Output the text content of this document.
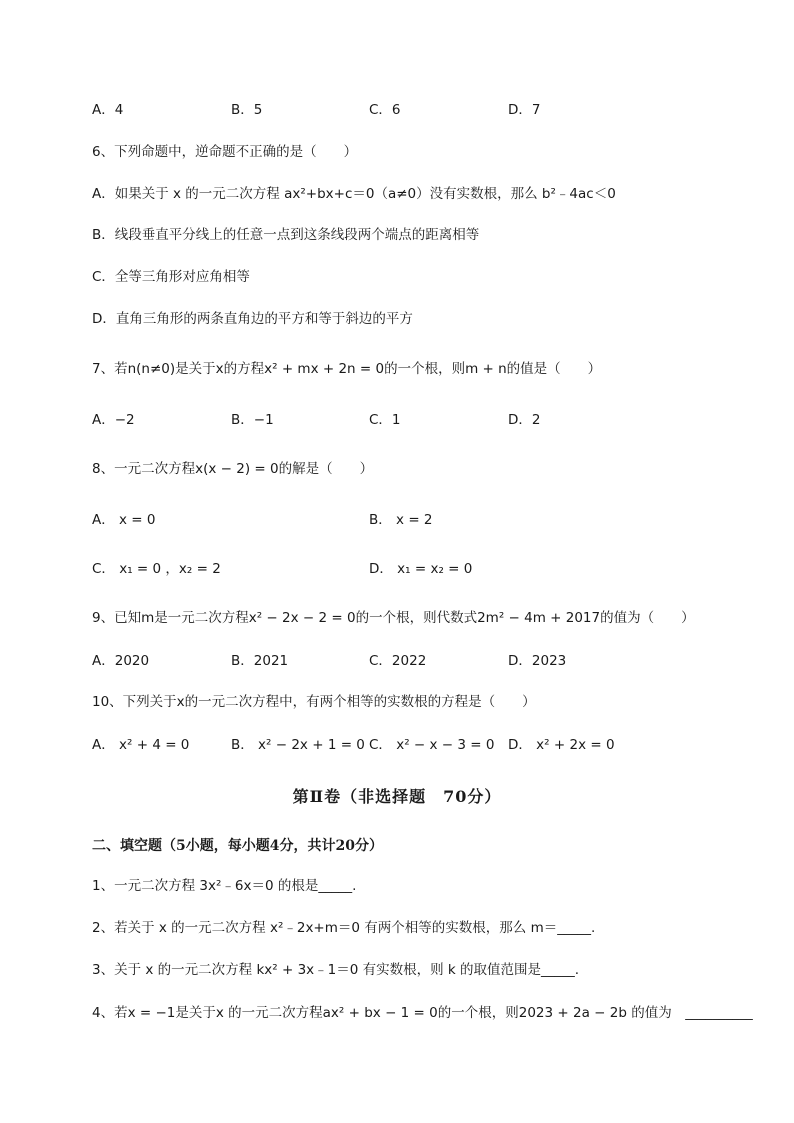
A．4	B．5	C．6	D．7
6、下列命题中，逆命题不正确的是（　　）
A．如果关于 x 的一元二次方程 ax²+bx+c＝0（a≠0）没有实数根，那么 b²﹣4ac＜0
B．线段垂直平分线上的任意一点到这条线段两个端点的距离相等
C．全等三角形对应角相等
D．直角三角形的两条直角边的平方和等于斜边的平方
7、若n(n≠0)是关于x的方程x² + mx + 2n = 0的一个根，则m + n的值是（　　）
A．−2	B．−1	C．1	D．2
8、一元二次方程x(x − 2) = 0的解是（　　）
A． x = 0	B． x = 2
C． x₁ = 0 ，x₂ = 2	D． x₁ = x₂ = 0
9、已知m是一元二次方程x² − 2x − 2 = 0的一个根，则代数式2m² − 4m + 2017的值为（　　）
A．2020	B．2021	C．2022	D．2023
10、下列关于x的一元二次方程中，有两个相等的实数根的方程是（　　）
A． x² + 4 = 0	B． x² − 2x + 1 = 0 C． x² − x − 3 = 0 D． x² + 2x = 0
第Ⅱ卷（非选择题　70分）
二、填空题（5小题，每小题4分，共计20分）
1、一元二次方程 3x²﹣6x＝0 的根是_____.
2、若关于 x 的一元二次方程 x²﹣2x+m＝0 有两个相等的实数根，那么 m＝_____.
3、关于 x 的一元二次方程 kx² + 3x﹣1＝0 有实数根，则 k 的取值范围是_____.
4、若x = −1是关于x 的一元二次方程ax² + bx − 1 = 0的一个根，则2023 + 2a − 2b 的值为　__________
